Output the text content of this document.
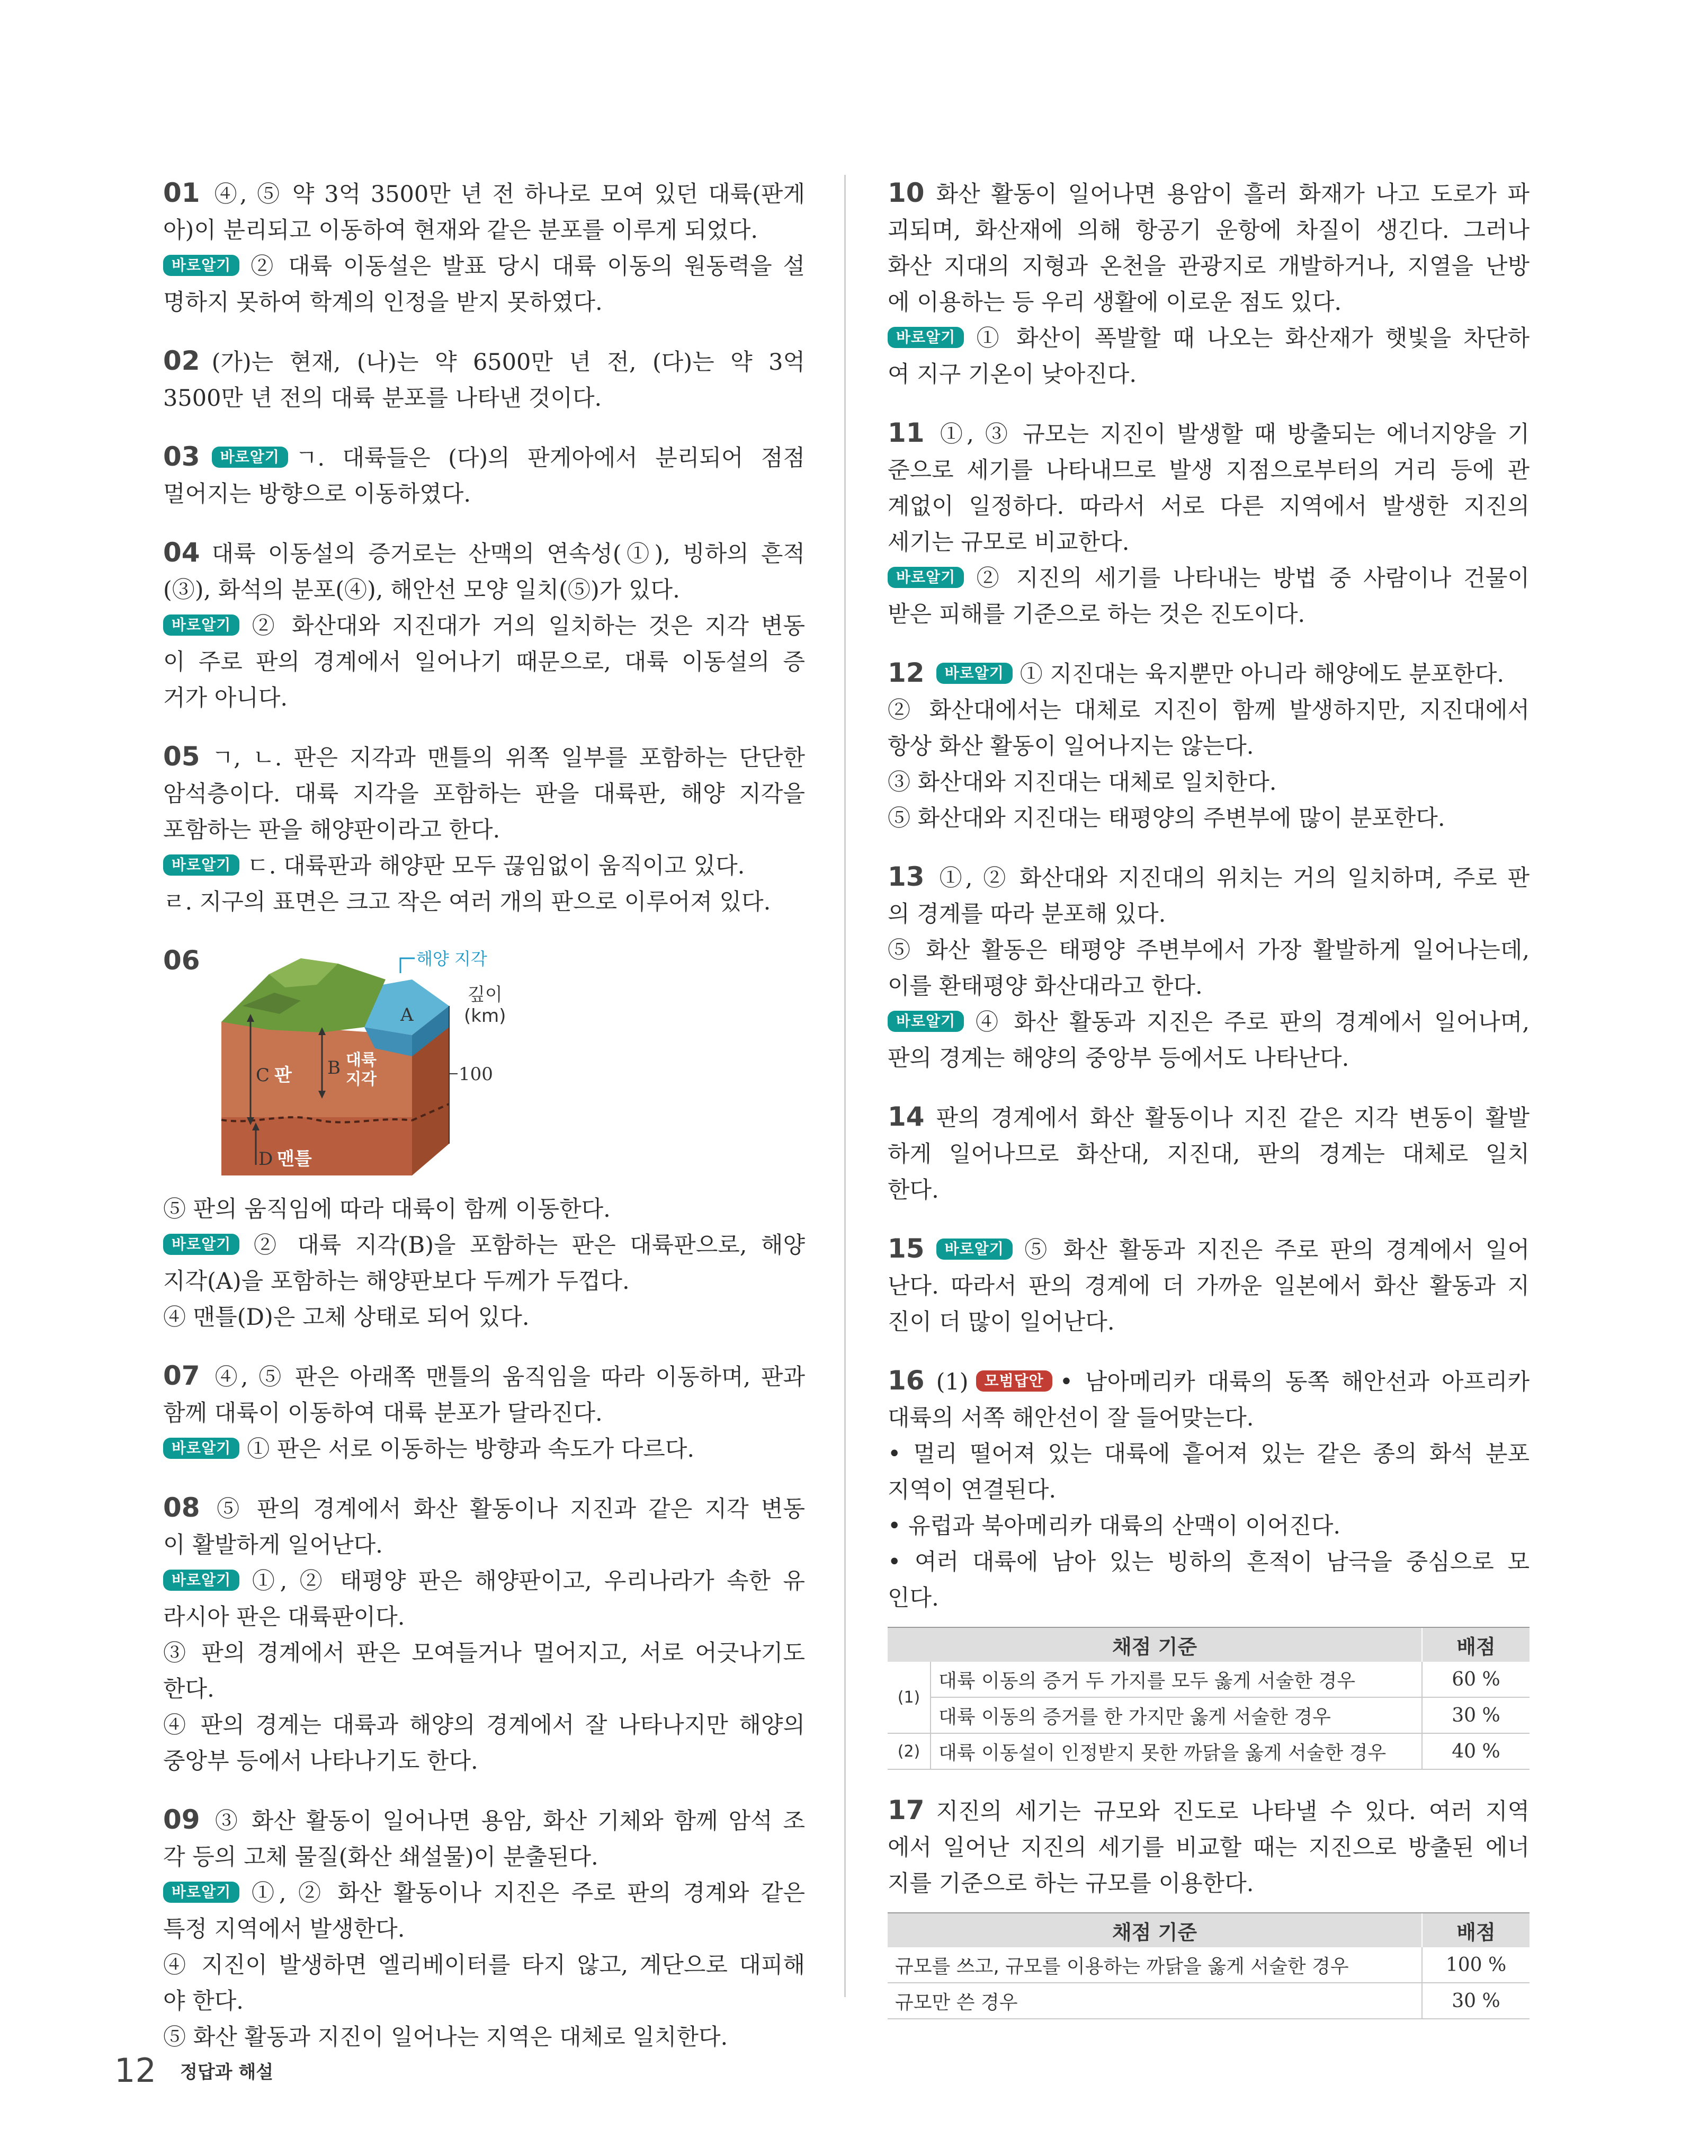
01 ④, ⑤ 약 3억 3500만 년 전 하나로 모여 있던 대륙(판게
아)이 분리되고 이동하여 현재와 같은 분포를 이루게 되었다.
바로알기 ② 대륙 이동설은 발표 당시 대륙 이동의 원동력을 설
명하지 못하여 학계의 인정을 받지 못하였다.
02 (가)는 현재, (나)는 약 6500만 년 전, (다)는 약 3억
3500만 년 전의 대륙 분포를 나타낸 것이다.
03 바로알기 ㄱ. 대륙들은 (다)의 판게아에서 분리되어 점점
멀어지는 방향으로 이동하였다.
04 대륙 이동설의 증거로는 산맥의 연속성(①), 빙하의 흔적
(③), 화석의 분포(④), 해안선 모양 일치(⑤)가 있다.
바로알기 ② 화산대와 지진대가 거의 일치하는 것은 지각 변동
이 주로 판의 경계에서 일어나기 때문으로, 대륙 이동설의 증
거가 아니다.
05 ㄱ, ㄴ. 판은 지각과 맨틀의 위쪽 일부를 포함하는 단단한
암석층이다. 대륙 지각을 포함하는 판을 대륙판, 해양 지각을
포함하는 판을 해양판이라고 한다.
바로알기 ㄷ. 대륙판과 해양판 모두 끊임없이 움직이고 있다.
ㄹ. 지구의 표면은 크고 작은 여러 개의 판으로 이루어져 있다.
06	해양 지각
깊이
(km)
100
A
C 판 B 대륙
지각
D 맨틀
⑤ 판의 움직임에 따라 대륙이 함께 이동한다.
바로알기 ② 대륙 지각(B)을 포함하는 판은 대륙판으로, 해양
지각(A)을 포함하는 해양판보다 두께가 두껍다.
④ 맨틀(D)은 고체 상태로 되어 있다.
07 ④, ⑤ 판은 아래쪽 맨틀의 움직임을 따라 이동하며, 판과
함께 대륙이 이동하여 대륙 분포가 달라진다.
바로알기 ① 판은 서로 이동하는 방향과 속도가 다르다.
08 ⑤ 판의 경계에서 화산 활동이나 지진과 같은 지각 변동
이 활발하게 일어난다.
바로알기 ①, ② 태평양 판은 해양판이고, 우리나라가 속한 유
라시아 판은 대륙판이다.
③ 판의 경계에서 판은 모여들거나 멀어지고, 서로 어긋나기도
한다.
④ 판의 경계는 대륙과 해양의 경계에서 잘 나타나지만 해양의
중앙부 등에서 나타나기도 한다.
09 ③ 화산 활동이 일어나면 용암, 화산 기체와 함께 암석 조
각 등의 고체 물질(화산 쇄설물)이 분출된다.
바로알기 ①, ② 화산 활동이나 지진은 주로 판의 경계와 같은
특정 지역에서 발생한다.
④ 지진이 발생하면 엘리베이터를 타지 않고, 계단으로 대피해
야 한다.
⑤ 화산 활동과 지진이 일어나는 지역은 대체로 일치한다.
10 화산 활동이 일어나면 용암이 흘러 화재가 나고 도로가 파
괴되며, 화산재에 의해 항공기 운항에 차질이 생긴다. 그러나
화산 지대의 지형과 온천을 관광지로 개발하거나, 지열을 난방
에 이용하는 등 우리 생활에 이로운 점도 있다.
바로알기 ① 화산이 폭발할 때 나오는 화산재가 햇빛을 차단하
여 지구 기온이 낮아진다.
11 ①, ③ 규모는 지진이 발생할 때 방출되는 에너지양을 기
준으로 세기를 나타내므로 발생 지점으로부터의 거리 등에 관
계없이 일정하다. 따라서 서로 다른 지역에서 발생한 지진의
세기는 규모로 비교한다.
바로알기 ② 지진의 세기를 나타내는 방법 중 사람이나 건물이
받은 피해를 기준으로 하는 것은 진도이다.
12 바로알기 ① 지진대는 육지뿐만 아니라 해양에도 분포한다.
② 화산대에서는 대체로 지진이 함께 발생하지만, 지진대에서
항상 화산 활동이 일어나지는 않는다.
③ 화산대와 지진대는 대체로 일치한다.
⑤ 화산대와 지진대는 태평양의 주변부에 많이 분포한다.
13 ①, ② 화산대와 지진대의 위치는 거의 일치하며, 주로 판
의 경계를 따라 분포해 있다.
⑤ 화산 활동은 태평양 주변부에서 가장 활발하게 일어나는데,
이를 환태평양 화산대라고 한다.
바로알기 ④ 화산 활동과 지진은 주로 판의 경계에서 일어나며,
판의 경계는 해양의 중앙부 등에서도 나타난다.
14 판의 경계에서 화산 활동이나 지진 같은 지각 변동이 활발
하게 일어나므로 화산대, 지진대, 판의 경계는 대체로 일치
한다.
15 바로알기 ⑤ 화산 활동과 지진은 주로 판의 경계에서 일어
난다. 따라서 판의 경계에 더 가까운 일본에서 화산 활동과 지
진이 더 많이 일어난다.
16 (1) 모범답안 • 남아메리카 대륙의 동쪽 해안선과 아프리카
대륙의 서쪽 해안선이 잘 들어맞는다.
• 멀리 떨어져 있는 대륙에 흩어져 있는 같은 종의 화석 분포
지역이 연결된다.
• 유럽과 북아메리카 대륙의 산맥이 이어진다.
• 여러 대륙에 남아 있는 빙하의 흔적이 남극을 중심으로 모
인다.
채점 기준		배점
(1)	대륙 이동의 증거 두 가지를 모두 옳게 서술한 경우	60 %
	대륙 이동의 증거를 한 가지만 옳게 서술한 경우	30 %
(2)	대륙 이동설이 인정받지 못한 까닭을 옳게 서술한 경우	40 %
17 지진의 세기는 규모와 진도로 나타낼 수 있다. 여러 지역
에서 일어난 지진의 세기를 비교할 때는 지진으로 방출된 에너
지를 기준으로 하는 규모를 이용한다.
채점 기준	배점
규모를 쓰고, 규모를 이용하는 까닭을 옳게 서술한 경우	100 %
규모만 쓴 경우	30 %
12 정답과 해설
